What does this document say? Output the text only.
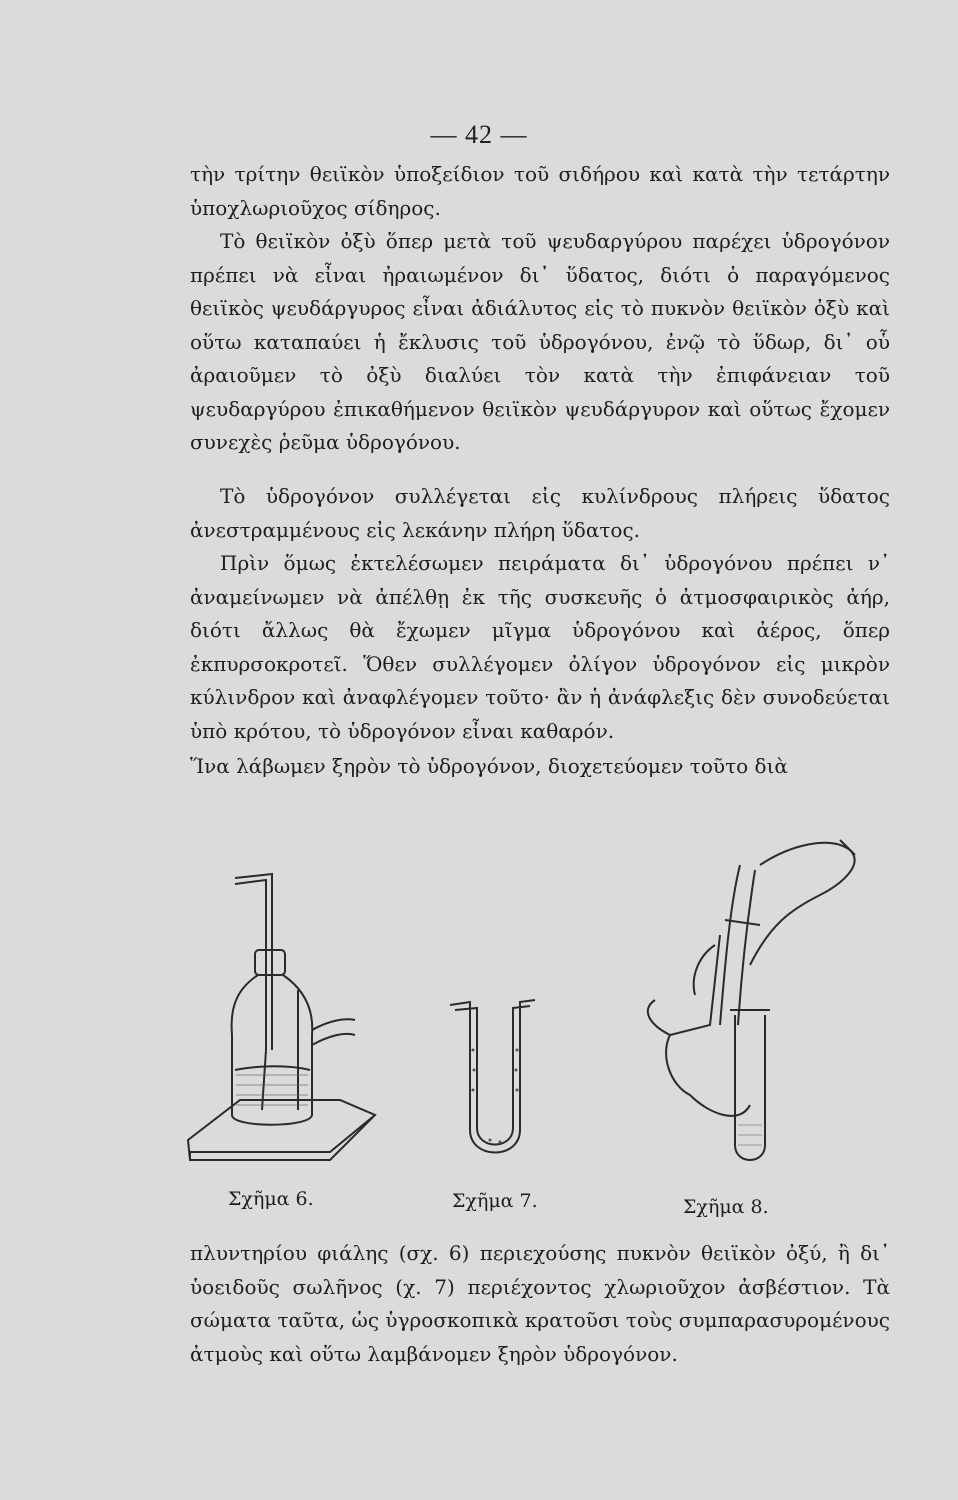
— 42 —

τὴν τρίτην θειϊκὸν ὑποξείδιον τοῦ σιδήρου καὶ κατὰ τὴν τετάρτην ὑποχλωριοῦχος σίδηρος.

Τὸ θειϊκὸν ὀξὺ ὅπερ μετὰ τοῦ ψευδαργύρου παρέχει ὑδρογόνον πρέπει νὰ εἶναι ἠραιωμένον δι᾽ ὕδατος, διότι ὁ παραγόμενος θειϊκὸς ψευδάργυρος εἶναι ἀδιάλυτος εἰς τὸ πυκνὸν θειϊκὸν ὀξὺ καὶ οὕτω καταπαύει ἡ ἔκλυσις τοῦ ὑδρογόνου, ἐνῷ τὸ ὕδωρ, δι᾽ οὗ ἀραιοῦμεν τὸ ὀξὺ διαλύει τὸν κατὰ τὴν ἐπιφάνειαν τοῦ ψευδαργύρου ἐπικαθήμενον θειϊκὸν ψευδάργυρον καὶ οὕτως ἔχομεν συνεχὲς ῥεῦμα ὑδρογόνου.

Τὸ ὑδρογόνον συλλέγεται εἰς κυλίνδρους πλήρεις ὕδατος ἀνεστραμμένους εἰς λεκάνην πλήρη ὕδατος.

Πρὶν ὅμως ἐκτελέσωμεν πειράματα δι᾽ ὑδρογόνου πρέπει ν᾽ ἀναμείνωμεν νὰ ἀπέλθῃ ἐκ τῆς συσκευῆς ὁ ἀτμοσφαιρικὸς ἀήρ, διότι ἄλλως θὰ ἔχωμεν μῖγμα ὑδρογόνου καὶ ἀέρος, ὅπερ ἐκπυρσοκροτεῖ. Ὅθεν συλλέγομεν ὀλίγον ὑδρογόνον εἰς μικρὸν κύλινδρον καὶ ἀναφλέγομεν τοῦτο· ἂν ἡ ἀνάφλεξις δὲν συνοδεύεται ὑπὸ κρότου, τὸ ὑδρογόνον εἶναι καθαρόν.

Ἵνα λάβωμεν ξηρὸν τὸ ὑδρογόνον, διοχετεύομεν τοῦτο διὰ

Σχῆμα 6.	Σχῆμα 7.	Σχῆμα 8.

πλυντηρίου φιάλης (σχ. 6) περιεχούσης πυκνὸν θειϊκὸν ὀξύ, ἢ δι᾽ ὑοειδοῦς σωλῆνος (χ. 7) περιέχοντος χλωριοῦχον ἀσβέστιον. Τὰ σώματα ταῦτα, ὡς ὑγροσκοπικὰ κρατοῦσι τοὺς συμπαρασυρομένους ἀτμοὺς καὶ οὕτω λαμβάνομεν ξηρὸν ὑδρογόνον.
